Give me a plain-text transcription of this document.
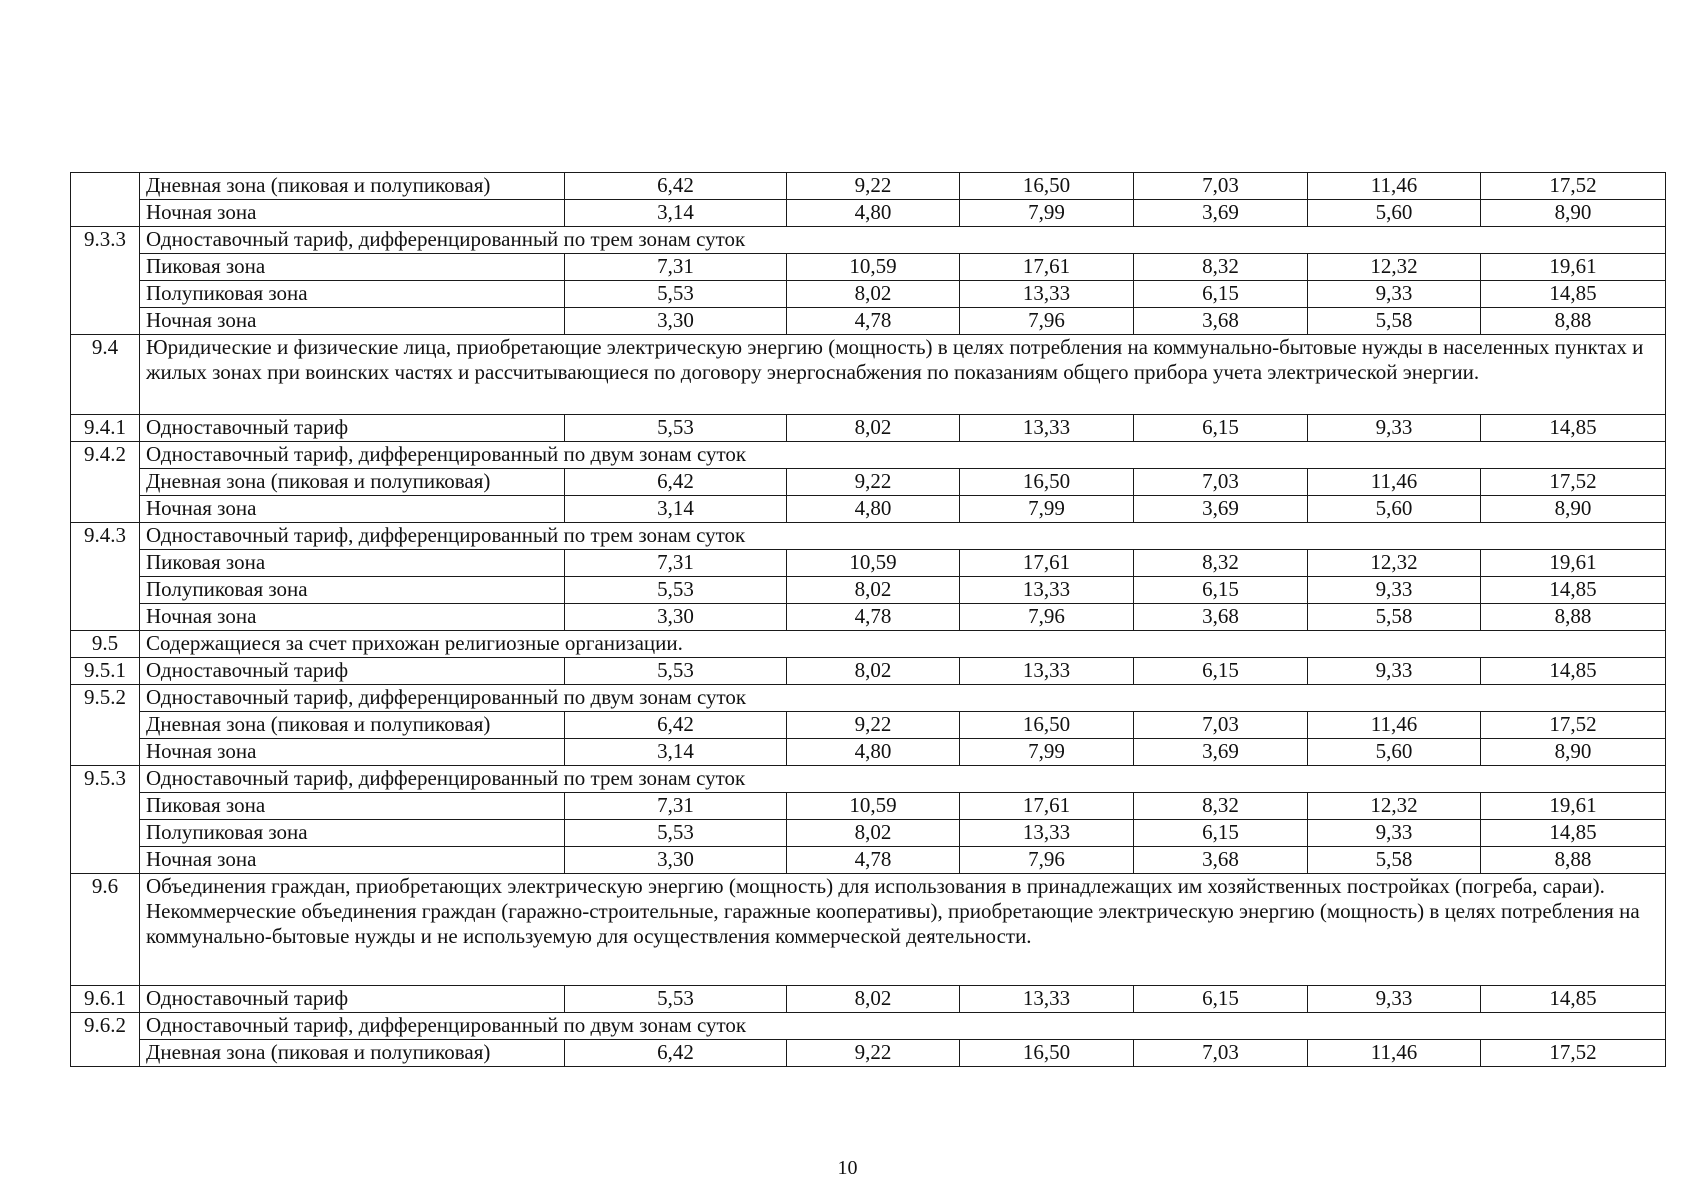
	Дневная зона (пиковая и полупиковая)	6,42	9,22	16,50	7,03	11,46	17,52
	Ночная зона	3,14	4,80	7,99	3,69	5,60	8,90
9.3.3	Одноставочный тариф, дифференцированный по трем зонам суток						
	Пиковая зона	7,31	10,59	17,61	8,32	12,32	19,61
	Полупиковая зона	5,53	8,02	13,33	6,15	9,33	14,85
	Ночная зона	3,30	4,78	7,96	3,68	5,58	8,88
9.4	Юридические и физические лица, приобретающие электрическую энергию (мощность) в целях потребления на коммунально-бытовые нужды в населенных пунктах и жилых зонах при воинских частях и рассчитывающиеся по договору энергоснабжения по показаниям общего прибора учета электрической энергии.						
9.4.1	Одноставочный тариф	5,53	8,02	13,33	6,15	9,33	14,85
9.4.2	Одноставочный тариф, дифференцированный по двум зонам суток						
	Дневная зона (пиковая и полупиковая)	6,42	9,22	16,50	7,03	11,46	17,52
	Ночная зона	3,14	4,80	7,99	3,69	5,60	8,90
9.4.3	Одноставочный тариф, дифференцированный по трем зонам суток						
	Пиковая зона	7,31	10,59	17,61	8,32	12,32	19,61
	Полупиковая зона	5,53	8,02	13,33	6,15	9,33	14,85
	Ночная зона	3,30	4,78	7,96	3,68	5,58	8,88
9.5	Содержащиеся за счет прихожан религиозные организации.						
9.5.1	Одноставочный тариф	5,53	8,02	13,33	6,15	9,33	14,85
9.5.2	Одноставочный тариф, дифференцированный по двум зонам суток						
	Дневная зона (пиковая и полупиковая)	6,42	9,22	16,50	7,03	11,46	17,52
	Ночная зона	3,14	4,80	7,99	3,69	5,60	8,90
9.5.3	Одноставочный тариф, дифференцированный по трем зонам суток						
	Пиковая зона	7,31	10,59	17,61	8,32	12,32	19,61
	Полупиковая зона	5,53	8,02	13,33	6,15	9,33	14,85
	Ночная зона	3,30	4,78	7,96	3,68	5,58	8,88
9.6	Объединения граждан, приобретающих электрическую энергию (мощность) для использования в принадлежащих им хозяйственных постройках (погреба, сараи).
Некоммерческие объединения граждан (гаражно-строительные, гаражные кооперативы), приобретающие электрическую энергию (мощность) в целях потребления на коммунально-бытовые нужды и не используемую для осуществления коммерческой деятельности.						

9.6.1	Одноставочный тариф	5,53	8,02	13,33	6,15	9,33	14,85
9.6.2	Одноставочный тариф, дифференцированный по двум зонам суток						
	Дневная зона (пиковая и полупиковая)	6,42	9,22	16,50	7,03	11,46	17,52
10
